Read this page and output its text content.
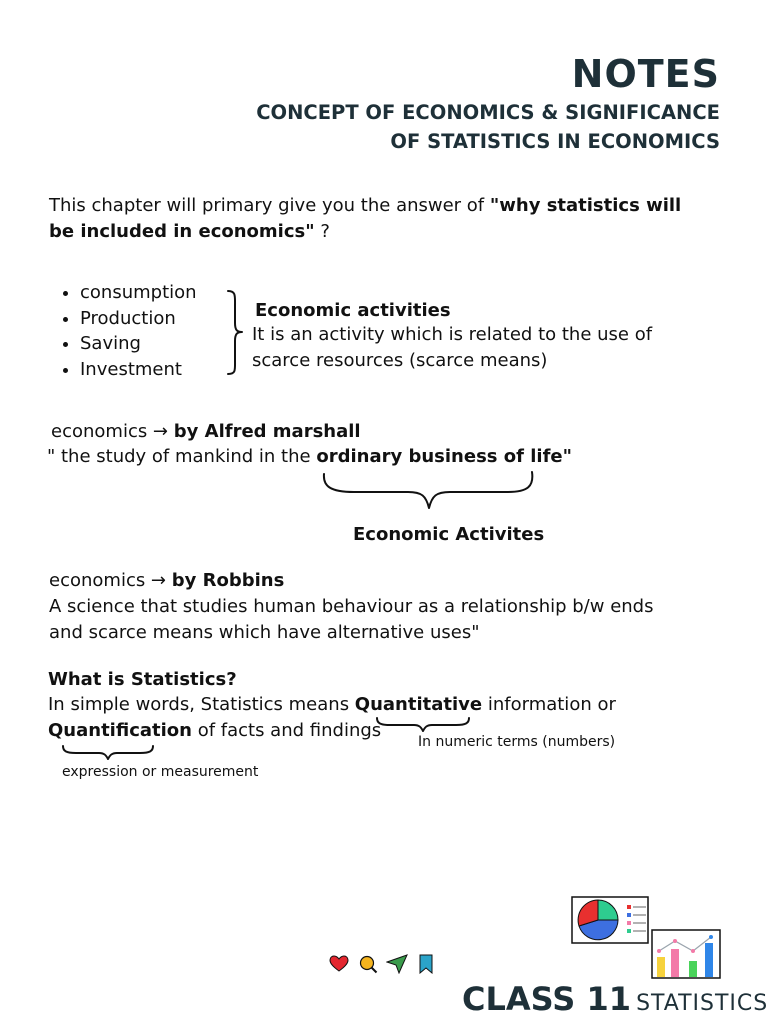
NOTES
CONCEPT OF ECONOMICS & SIGNIFICANCE
OF STATISTICS IN ECONOMICS
This chapter will primary give you the answer of "why statistics will
be included in economics" ?
• consumption
• Production
• Saving
• Investment
Economic activities
It is an activity which is related to the use of
scarce resources (scarce means)
economics → by Alfred marshall
" the study of mankind in the ordinary business of life"
Economic Activites
economics → by Robbins
A science that studies human behaviour as a relationship b/w ends
and scarce means which have alternative uses"
What is Statistics?
In simple words, Statistics means Quantitative information or
Quantification of facts and findings
In numeric terms (numbers)
expression or measurement
CLASS 11 STATISTICS
